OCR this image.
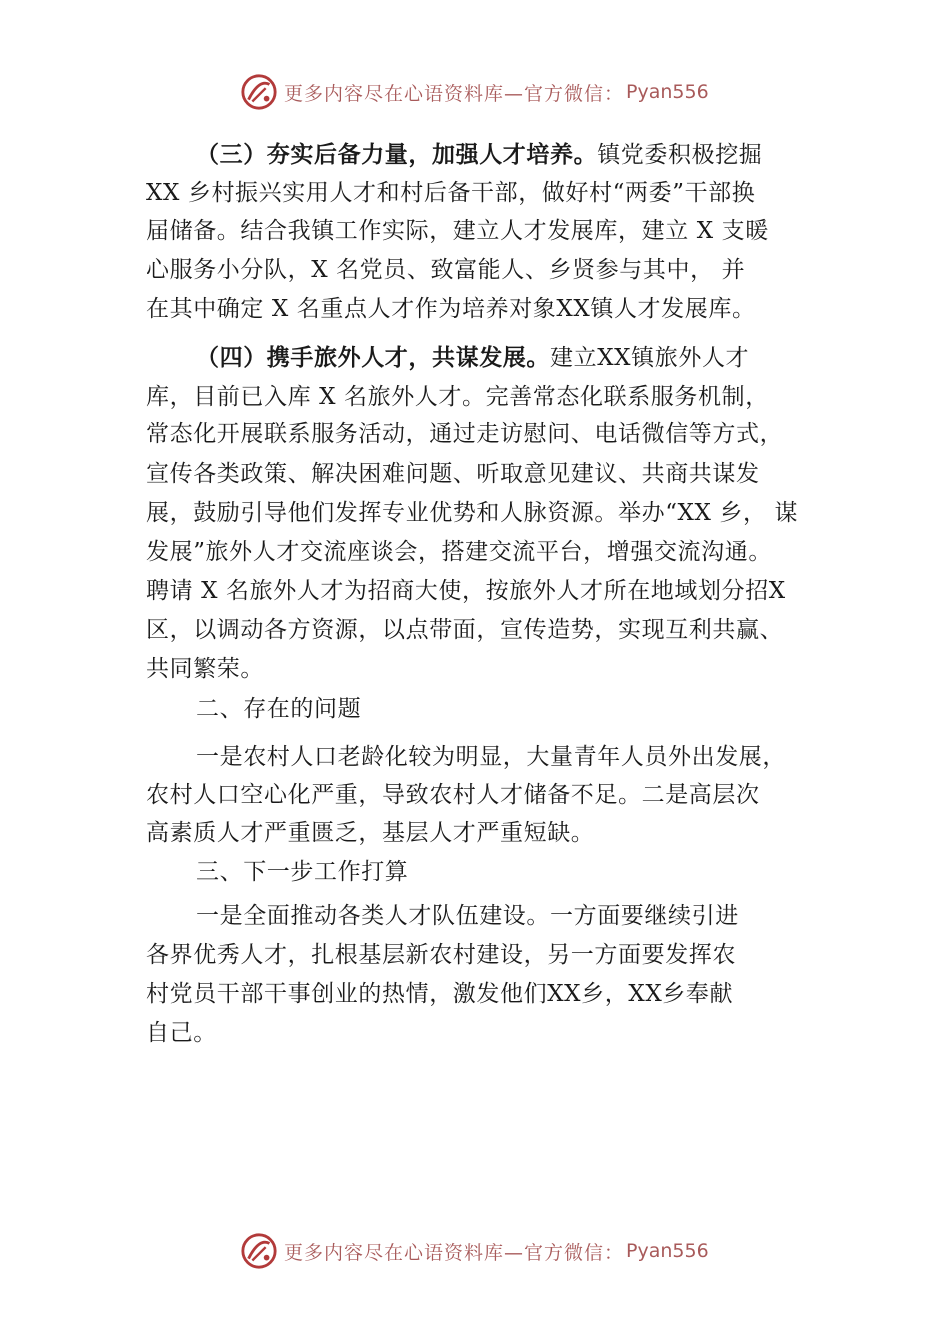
更多内容尽在心语资料库—官方微信： Pyan556
（三）夯实后备力量，加强人才培养。镇党委积极挖掘
XX 乡村振兴实用人才和村后备干部，做好村“两委”干部换
届储备。结合我镇工作实际，建立人才发展库，建立 X 支暖
心服务小分队，X 名党员、致富能人、乡贤参与其中， 并
在其中确定 X 名重点人才作为培养对象XX镇人才发展库。
（四）携手旅外人才，共谋发展。建立XX镇旅外人才
库，目前已入库 X 名旅外人才。完善常态化联系服务机制，
常态化开展联系服务活动，通过走访慰问、电话微信等方式，
宣传各类政策、解决困难问题、听取意见建议、共商共谋发
展，鼓励引导他们发挥专业优势和人脉资源。举办“XX 乡， 谋
发展”旅外人才交流座谈会，搭建交流平台，增强交流沟通。
聘请 X 名旅外人才为招商大使，按旅外人才所在地域划分招X
区，以调动各方资源，以点带面，宣传造势，实现互利共赢、
共同繁荣。
二、存在的问题
一是农村人口老龄化较为明显，大量青年人员外出发展，
农村人口空心化严重，导致农村人才储备不足。二是高层次
高素质人才严重匮乏，基层人才严重短缺。
三、下一步工作打算
一是全面推动各类人才队伍建设。一方面要继续引进
各界优秀人才，扎根基层新农村建设，另一方面要发挥农
村党员干部干事创业的热情，激发他们XX乡，XX乡奉献
自己。
更多内容尽在心语资料库—官方微信： Pyan556
